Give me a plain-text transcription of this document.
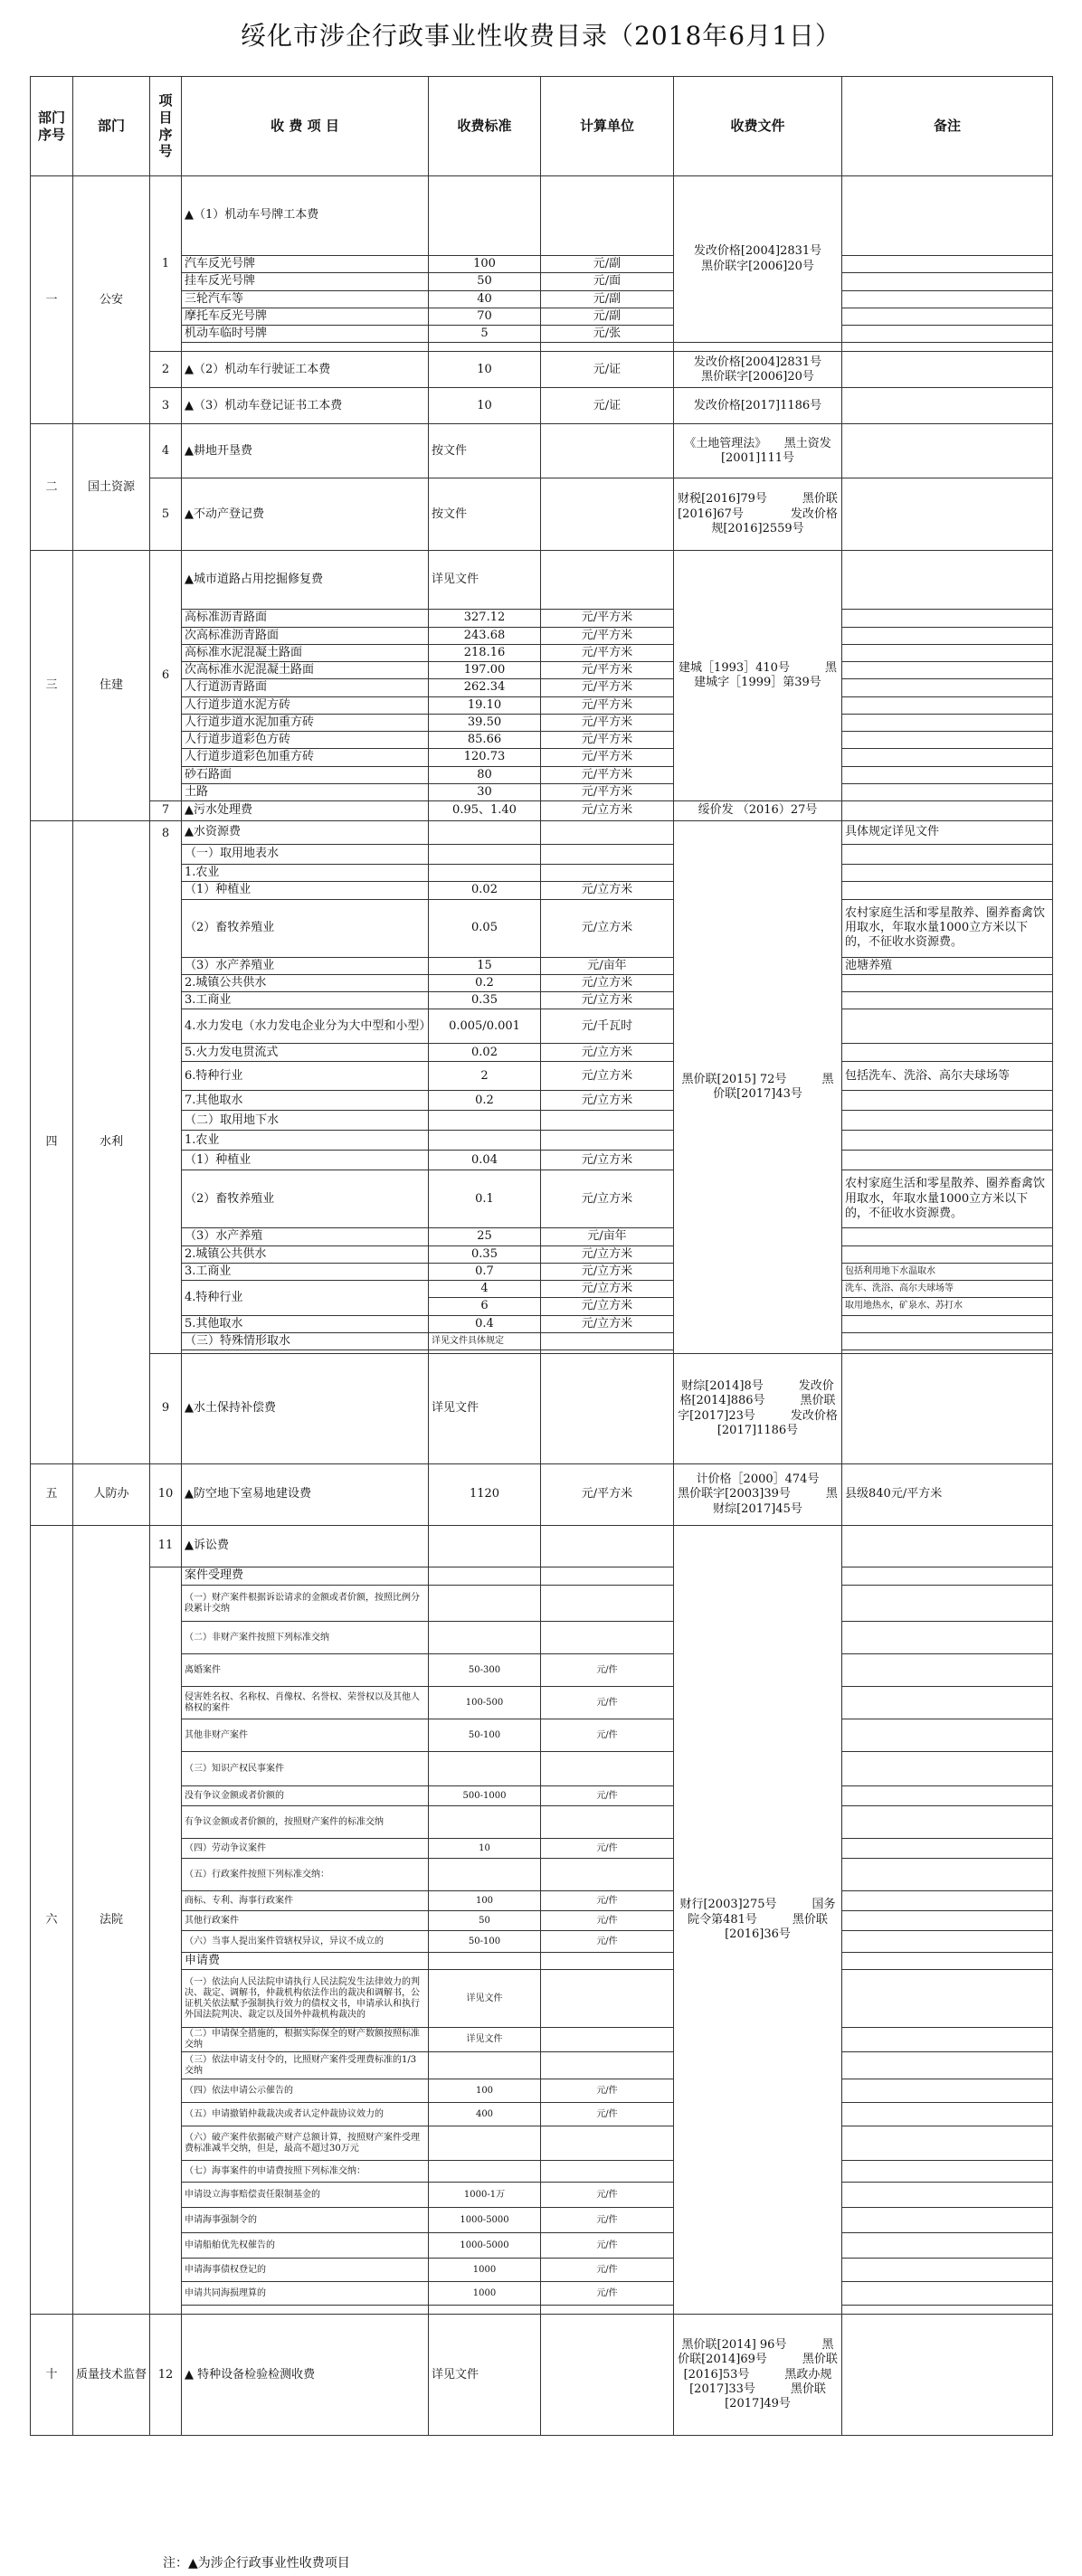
绥化市涉企行政事业性收费目录（2018年6月1日）
部门序号	部门	项目序号	收 费 项 目	收费标准	计算单位	收费文件	备注
一	公安	1	▲（1）机动车号牌工本费			发改价格[2004]2831号　　　　黑价联字[2006]20号	
			汽车反光号牌	100	元/副		
			挂车反光号牌	50	元/面		
			三轮汽车等	40	元/副		
			摩托车反光号牌	70	元/副		
			机动车临时号牌	5	元/张		

		2	▲（2）机动车行驶证工本费	10	元/证	发改价格[2004]2831号　　　黑价联字[2006]20号	
		3	▲（3）机动车登记证书工本费	10	元/证	发改价格[2017]1186号	
二	国土资源	4	▲耕地开垦费	按文件		《土地管理法》　　黑土资发[2001]111号	
		5	▲不动产登记费	按文件		财税[2016]79号　　　黑价联[2016]67号　　　　发改价格规[2016]2559号	
三	住建	6	▲城市道路占用挖掘修复费	详见文件		建城［1993］410号　　　黑建城字［1999］第39号	
			高标准沥青路面	327.12	元/平方米		
			次高标准沥青路面	243.68	元/平方米		
			高标准水泥混凝土路面	218.16	元/平方米		
			次高标准水泥混凝土路面	197.00	元/平方米		
			人行道沥青路面	262.34	元/平方米		
			人行道步道水泥方砖	19.10	元/平方米		
			人行道步道水泥加重方砖	39.50	元/平方米		
			人行道步道彩色方砖	85.66	元/平方米		
			人行道步道彩色加重方砖	120.73	元/平方米		
			砂石路面	80	元/平方米		
			土路	30	元/平方米		
		7	▲污水处理费	0.95、1.40	元/立方米	绥价发 （2016）27号	
四	水利	8	▲水资源费			黑价联[2015] 72号　　　黑价联[2017]43号	具体规定详见文件
			（一）取用地表水				
			1.农业				
			（1）种植业	0.02	元/立方米		
			（2）畜牧养殖业	0.05	元/立方米		农村家庭生活和零星散养、圈养畜禽饮用取水，年取水量1000立方米以下的，不征收水资源费。
			（3）水产养殖业	15	元/亩年		池塘养殖
			2.城镇公共供水	0.2	元/立方米		
			3.工商业	0.35	元/立方米		
			4.水力发电（水力发电企业分为大中型和小型）	0.005/0.001	元/千瓦时		
			5.火力发电贯流式	0.02	元/立方米		
			6.特种行业	2	元/立方米		包括洗车、洗浴、高尔夫球场等
			7.其他取水	0.2	元/立方米		
			（二）取用地下水				
			1.农业				
			（1）种植业	0.04	元/立方米		
			（2）畜牧养殖业	0.1	元/立方米		农村家庭生活和零星散养、圈养畜禽饮用取水，年取水量1000立方米以下的，不征收水资源费。
			（3）水产养殖	25	元/亩年		
			2.城镇公共供水	0.35	元/立方米		
			3.工商业	0.7	元/立方米		包括利用地下水温取水
			4.特种行业	4	元/立方米		洗车、洗浴、高尔夫球场等
				6	元/立方米		取用地热水，矿泉水、苏打水
			5.其他取水	0.4	元/立方米		
			（三）特殊情形取水	详见文件具体规定			

		9	▲水土保持补偿费	详见文件		财综[2014]8号　　　发改价格[2014]886号　　　黑价联字[2017]23号　　　发改价格[2017]1186号	
五	人防办	10	▲防空地下室易地建设费	1120	元/平方米	计价格［2000］474号　　　黑价联字[2003]39号　　　黑财综[2017]45号	县级840元/平方米
六	法院	11	▲诉讼费			财行[2003]275号　　　国务院令第481号　　　黑价联[2016]36号	
			案件受理费				
			（一）财产案件根据诉讼请求的金额或者价额，按照比例分段累计交纳				
			（二）非财产案件按照下列标准交纳				
			离婚案件	50-300	元/件		
			侵害姓名权、名称权、肖像权、名誉权、荣誉权以及其他人格权的案件	100-500	元/件		
			其他非财产案件	50-100	元/件		
			（三）知识产权民事案件				
			没有争议金额或者价额的	500-1000	元/件		
			有争议金额或者价额的，按照财产案件的标准交纳				
			（四）劳动争议案件	10	元/件		
			（五）行政案件按照下列标准交纳：				
			商标、专利、海事行政案件	100	元/件		
			其他行政案件	50	元/件		
			（六）当事人提出案件管辖权异议，异议不成立的	50-100	元/件		
			申请费				
			（一）依法向人民法院申请执行人民法院发生法律效力的判决、裁定、调解书，仲裁机构依法作出的裁决和调解书，公证机关依法赋予强制执行效力的债权文书，申请承认和执行外国法院判决、裁定以及国外仲裁机构裁决的	详见文件			
			（二）申请保全措施的，根据实际保全的财产数额按照标准交纳	详见文件			
			（三）依法申请支付令的，比照财产案件受理费标准的1/3交纳				
			（四）依法申请公示催告的	100	元/件		
			（五）申请撤销仲裁裁决或者认定仲裁协议效力的	400	元/件		
			（六）破产案件依据破产财产总额计算，按照财产案件受理费标准减半交纳，但是，最高不超过30万元				
			（七）海事案件的申请费按照下列标准交纳：				
			申请设立海事赔偿责任限制基金的	1000-1万	元/件		
			申请海事强制令的	1000-5000	元/件		
			申请船舶优先权催告的	1000-5000	元/件		
			申请海事债权登记的	1000	元/件		
			申请共同海损理算的	1000	元/件		

十	质量技术监督	12	▲ 特种设备检验检测收费	详见文件		黑价联[2014] 96号　　　黑价联[2014]69号　　　黑价联[2016]53号　　　黑政办规[2017]33号　　　黑价联[2017]49号	
注：▲为涉企行政事业性收费项目
